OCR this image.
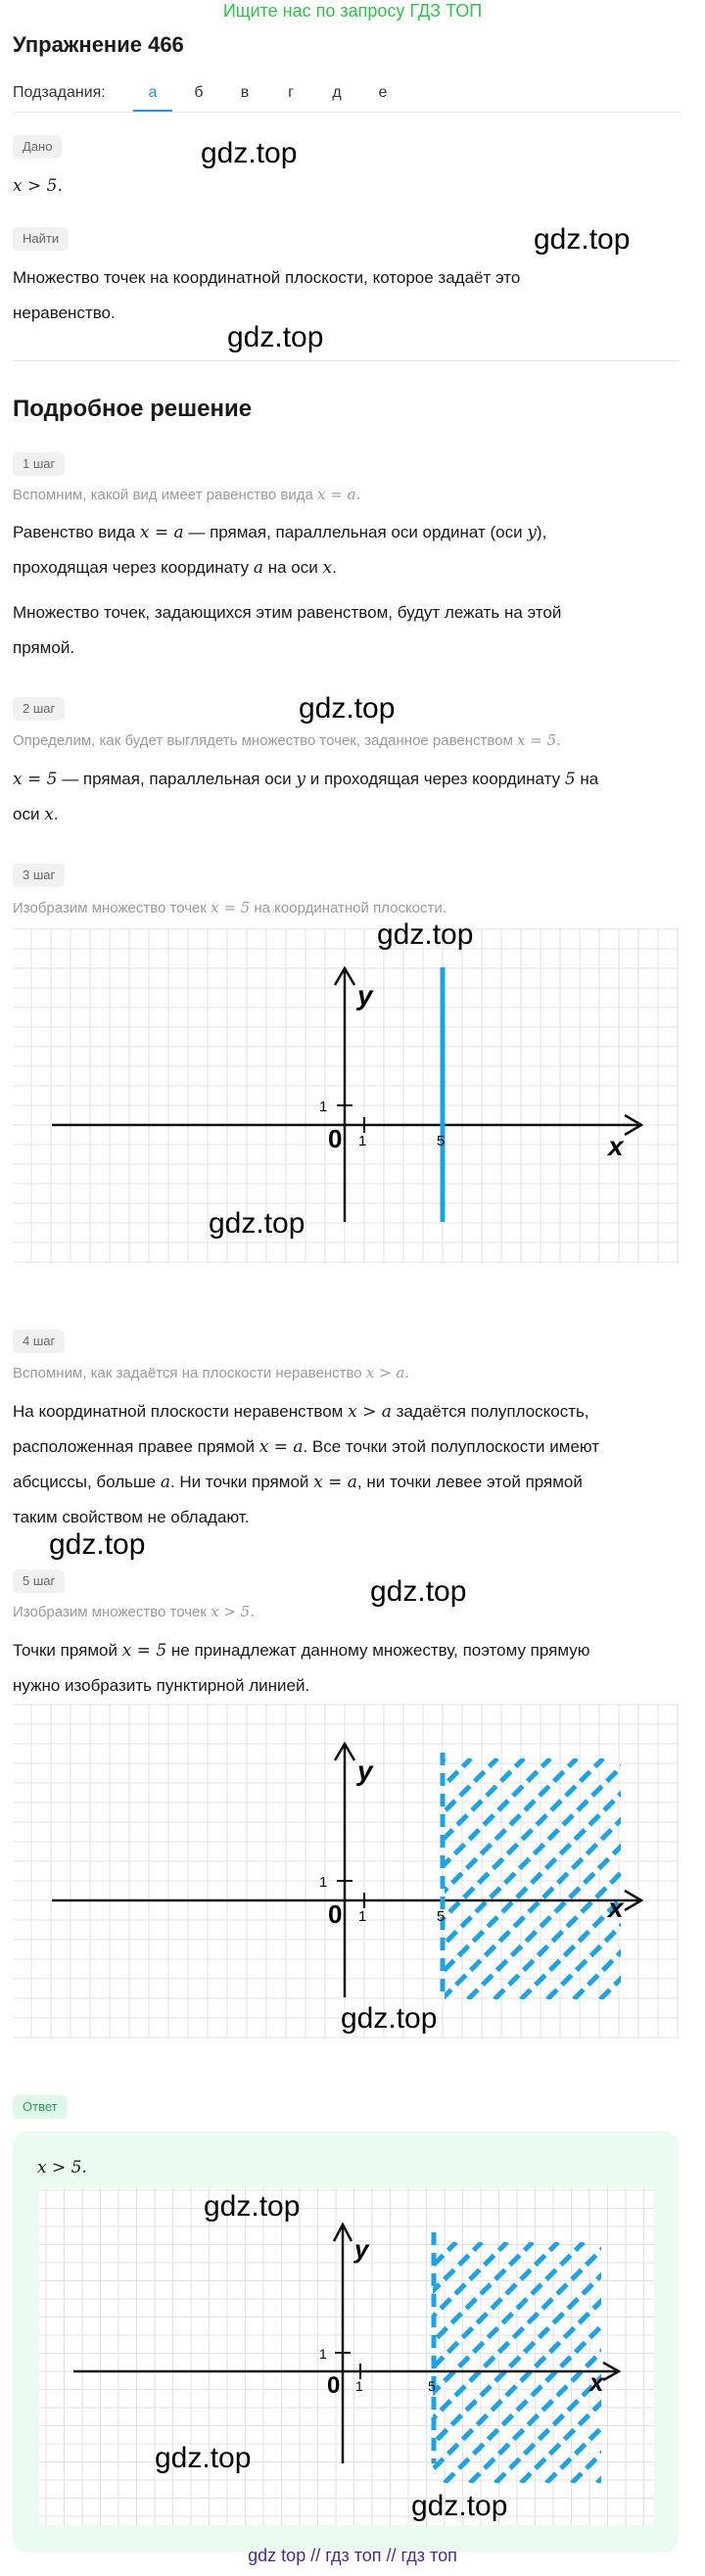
Ищите нас по запросу ГДЗ ТОП
Упражнение 466
Подзадания:	а	б	в	г	д	е
Дано
x > 5.
Найти
Множество точек на координатной плоскости, которое задаёт это
неравенство.
Подробное решение
1 шаг
Вспомним, какой вид имеет равенство вида x = a.
Равенство вида x = a — прямая, параллельная оси ординат (оси y),
проходящая через координату a на оси x.
Множество точек, задающихся этим равенством, будут лежать на этой
прямой.
2 шаг
Определим, как будет выглядеть множество точек, заданное равенством x = 5.
x = 5 — прямая, параллельная оси y и проходящая через координату 5 на
оси x.
3 шаг
Изобразим множество точек x = 5 на координатной плоскости.
y
x
0 1
1
5
4 шаг
Вспомним, как задаётся на плоскости неравенство x > a.
На координатной плоскости неравенством x > a задаётся полуплоскость,
расположенная правее прямой x = a. Все точки этой полуплоскости имеют
абсциссы, больше a. Ни точки прямой x = a, ни точки левее этой прямой
таким свойством не обладают.
5 шаг
Изобразим множество точек x > 5.
Точки прямой x = 5 не принадлежат данному множеству, поэтому прямую
нужно изобразить пунктирной линией.
y
x
0 1
1
5
Ответ
x > 5.
y
x
0 1
1
5
gdz.top
gdz.top
gdz.top
gdz.top
gdz.top
gdz.top
gdz.top
gdz.top
gdz.top
gdz.top
gdz.top
gdz.top
gdz top // гдз топ // гдз топ
